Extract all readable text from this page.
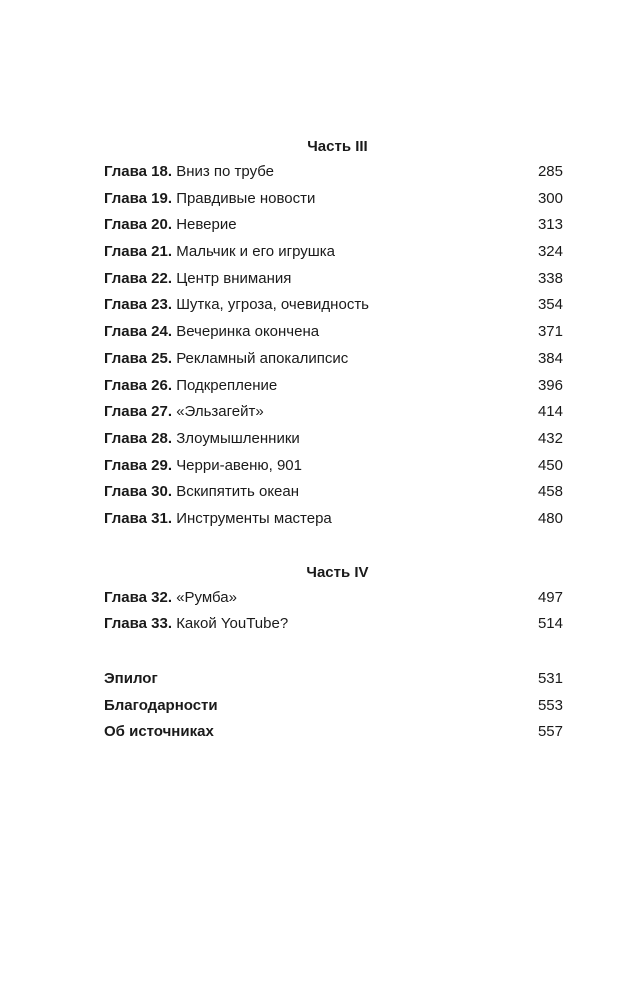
Часть III
Глава 18. Вниз по трубе	285
Глава 19. Правдивые новости	300
Глава 20. Неверие	313
Глава 21. Мальчик и его игрушка	324
Глава 22. Центр внимания	338
Глава 23. Шутка, угроза, очевидность	354
Глава 24. Вечеринка окончена	371
Глава 25. Рекламный апокалипсис	384
Глава 26. Подкрепление	396
Глава 27. «Эльзагейт»	414
Глава 28. Злоумышленники	432
Глава 29. Черри-авеню, 901	450
Глава 30. Вскипятить океан	458
Глава 31. Инструменты мастера	480
Часть IV
Глава 32. «Румба»	497
Глава 33. Какой YouTube?	514
Эпилог	531
Благодарности	553
Об источниках	557
